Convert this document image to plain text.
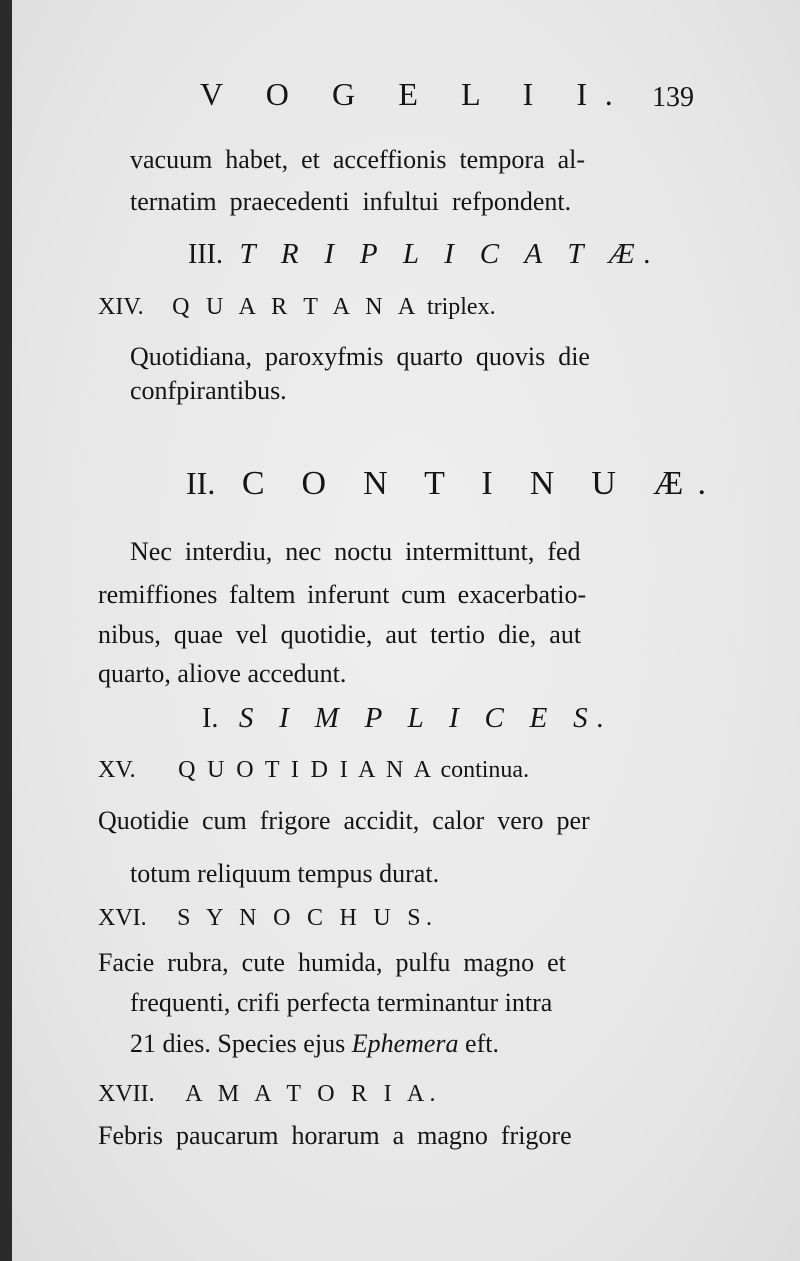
V O G E L I I. 139
vacuum habet, et acceffionis tempora al-
ternatim praecedenti infultui refpondent.
III. T R I P L I C A T Æ.
XIV. Q U A R T A N A triplex.
Quotidiana, paroxyfmis quarto quovis die
confpirantibus.
II. C O N T I N U Æ.
Nec interdiu, nec noctu intermittunt, fed
remiffiones faltem inferunt cum exacerbatio-
nibus, quae vel quotidie, aut tertio die, aut
quarto, aliove accedunt.
I. S I M P L I C E S.
XV. Q U O T I D I A N A continua.
Quotidie cum frigore accidit, calor vero per
totum reliquum tempus durat.
XVI. S Y N O C H U S.
Facie rubra, cute humida, pulfu magno et
frequenti, crifi perfecta terminantur intra
21 dies. Species ejus Ephemera eft.
XVII. A M A T O R I A.
Febris paucarum horarum a magno frigore
